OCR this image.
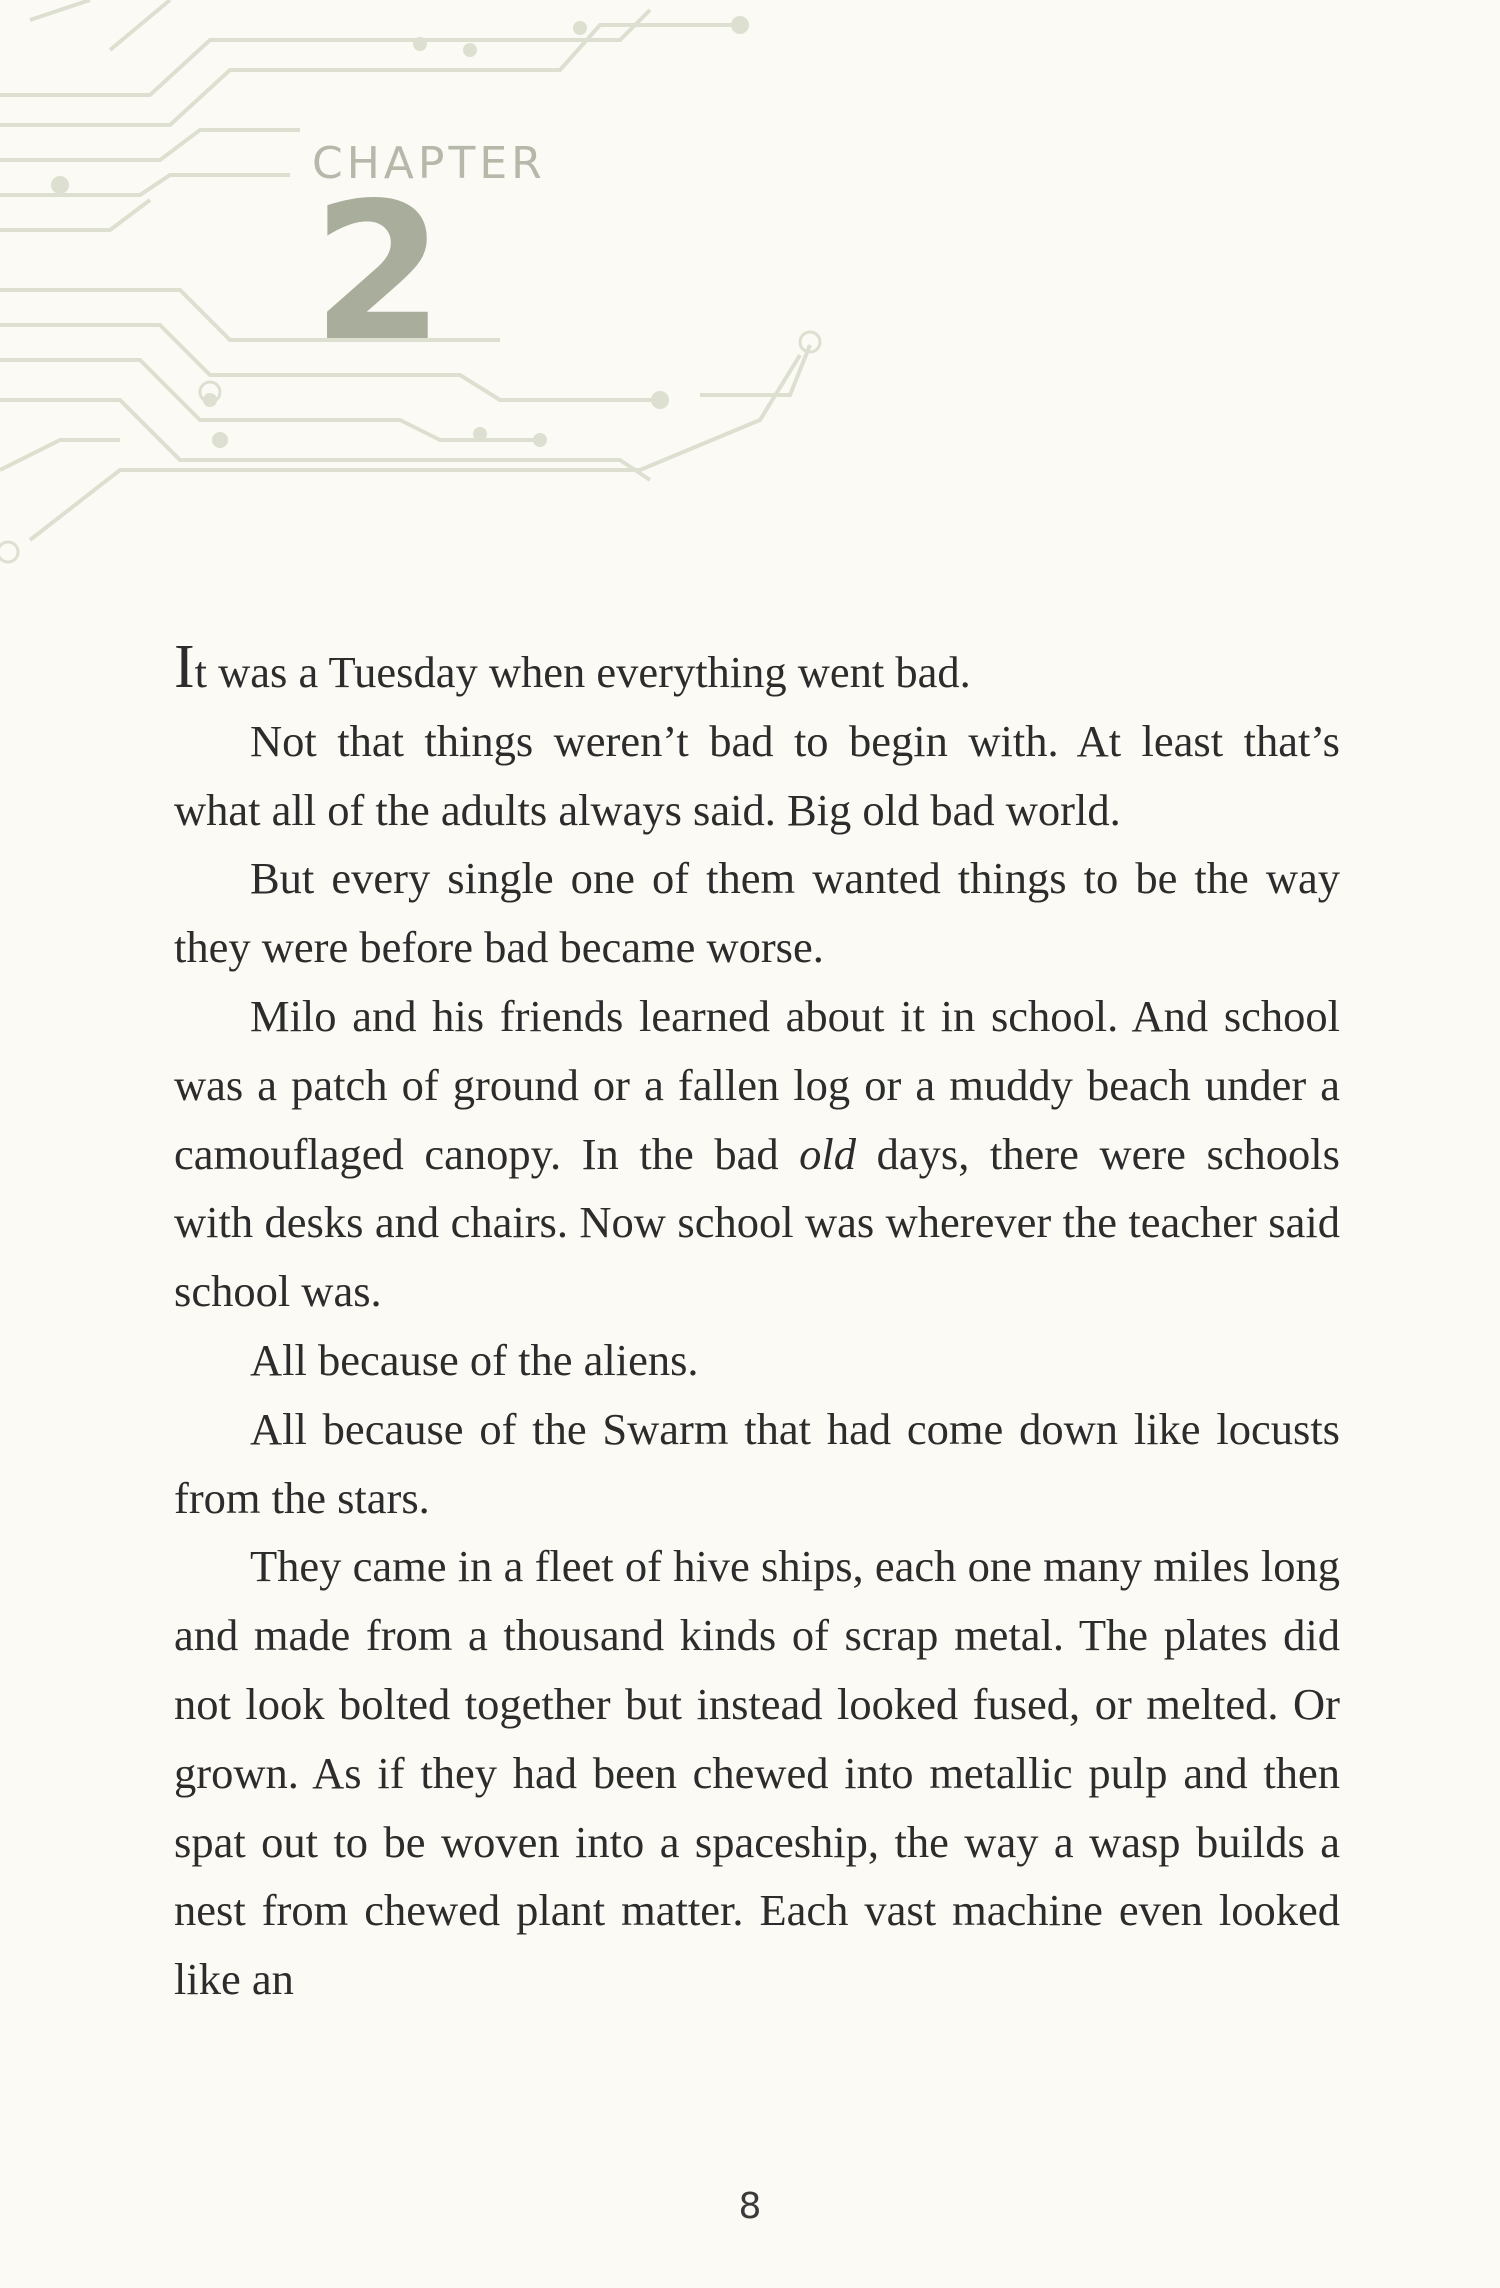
CHAPTER
2

It was a Tuesday when everything went bad.

Not that things weren’t bad to begin with. At least that’s what all of the adults always said. Big old bad world.

But every single one of them wanted things to be the way they were before bad became worse.

Milo and his friends learned about it in school. And school was a patch of ground or a fallen log or a muddy beach under a camouflaged canopy. In the bad old days, there were schools with desks and chairs. Now school was wherever the teacher said school was.

All because of the aliens.

All because of the Swarm that had come down like locusts from the stars.

They came in a fleet of hive ships, each one many miles long and made from a thousand kinds of scrap metal. The plates did not look bolted together but instead looked fused, or melted. Or grown. As if they had been chewed into metallic pulp and then spat out to be woven into a spaceship, the way a wasp builds a nest from chewed plant matter. Each vast machine even looked like an

8
